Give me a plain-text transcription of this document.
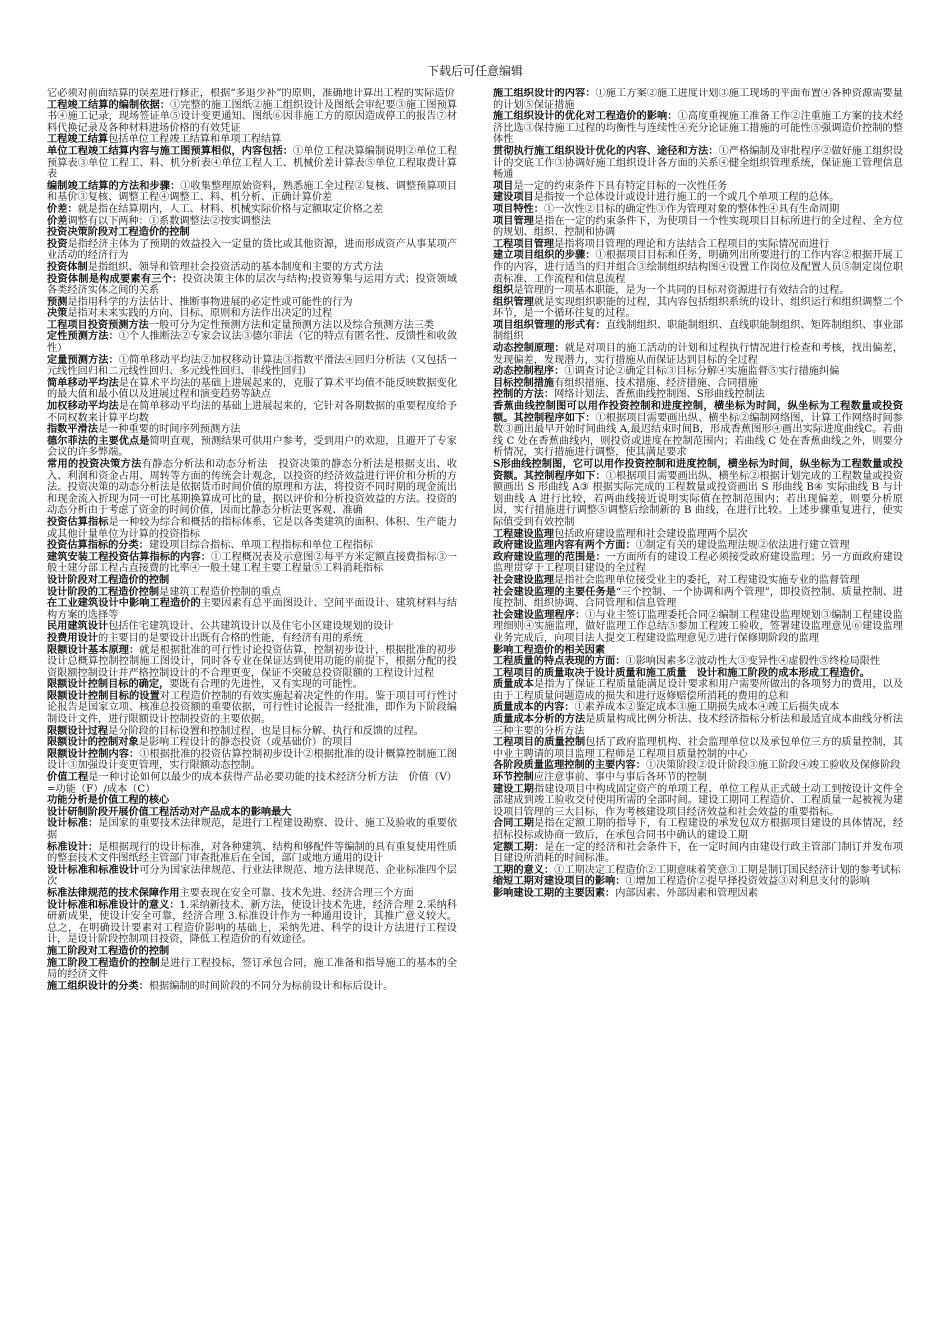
下载后可任意编辑

它必须对前面结算的误差进行修正，根据“多退少补”的原则，准确地计算出工程的实际造价

工程竣工结算的编制依据：①完整的施工图纸②施工组织设计及图纸会审纪要③施工图预算书④施工记录，现场签证单⑤设计变更通知、图纸⑥因非施工方的原因造成停工的报告⑦材料代换记录及各种材料进场价格的有效凭证

工程竣工结算包括单位工程竣工结算和单项工程结算

单位工程竣工结算内容与施工图预算相似，内容包括：①单位工程决算编制说明②单位工程预算表③单位工程工、料、机分析表④单位工程人工、机械价差计算表⑤单位工程取费计算表

编制竣工结算的方法和步骤：①收集整理原始资料，熟悉施工全过程②复核、调整预算项目和基价③复核、调整工程④调整工、料、机分析、正确计算价差

价差：就是指在结算期内，人工、材料、机械实际价格与定额取定价格之差

价差调整有以下两种：①系数调整法②按实调整法

投资决策阶段对工程造价的控制

投资是指经济主体为了预期的效益投入一定量的货比或其他资源，进而形成资产从事某项产业活动的经济行为

投资体制是指组织、领导和管理社会投资活动的基本制度和主要的方式方法

投资体制是构成要素有三个：投资决策主体的层次与结构;投资筹集与运用方式；投资领域各类经济实体之间的关系

预测是指用科学的方法估计、推断事物进展的必定性或可能性的行为

决策是指对未来实践的方向、目标、原则和方法作出决定的过程

工程项目投资预测方法一般可分为定性预测方法和定量预测方法以及综合预测方法三类

定性预测方法：①个人推断法②专家会议法③德尔菲法（它的特点有匿名性、反馈性和收敛性）

定量预测方法：①简单移动平均法②加权移动计算法③指数平滑法④回归分析法（又包括一元线性回归和二元线性回归、多元线性回归、非线性回归）

简单移动平均法是在算术平均法的基础上进展起来的，克服了算术平均值不能反映数据变化的最大值和最小值以及进展过程和演变趋势等缺点

加权移动平均法是在简单移动平均法的基础上进展起来的，它针对各期数据的重要程度给予不同权数来计算平均数

指数平滑法是一种重要的时间序列预测方法

德尔菲法的主要优点是简明直观，预测结果可供用户参考，受到用户的欢迎，且避开了专家会议的许多弊端。

常用的投资决策方法有静态分析法和动态分析法　投资决策的静态分析法是根据支出、收入、利润和资金占用、周转等方面的传统会计观念，以投资的经济效益进行评价和分析的方法。投资决策的动态分析法是依据货币时间价值的原理和方法，将投资不同时期的现金流出和现金流入折现为同一可比基期换算成可比的量，据以评价和分析投资效益的方法。投资的动态分析由于考虑了资金的时间价值，因而比静态分析法更客观、准确

投资估算指标是一种较为综合和概括的指标体系，它是以各类建筑的面积、体积、生产能力或其他计量单位为计算的投资指标

投资估算指标的分类：建设项目综合指标、单项工程指标和单位工程指标

建筑安装工程投资估算指标的内容：①工程概况表及示意图②每平方米定额直接费指标③一般土建分部工程占直接费的比率④一般土建工程主要工程量⑤工料消耗指标

设计阶段对工程造价的控制

设计阶段的工程造价控制是建筑工程造价控制的重点

在工业建筑设计中影响工程造价的主要因素有总平面图设计、空间平面设计、建筑材料与结构方案的选择等

民用建筑设计包括住宅建筑设计、公共建筑设计以及住宅小区建设规划的设计

投费用设计的主要目的是要设计出既有合格的性能，有经济有用的系统

限额设计基本原理：就是根据批准的可行性讨论投资估算，控制初步设计，根据批准的初步设计总概算控制控制施工图设计，同时各专业在保证达到使用功能的前提下，根据分配的投资限额控制设计并严格控制设计的不合理更变，保证不突破总投资限额的工程设计过程

限额设计控制目标的确定，要既有合理的先进性，又有实现的可能性。

限额设计控制目标的设置对工程造价控制的有效实施起着决定性的作用。鉴于项目可行性讨论报告是国家立项、核准总投资额的重要依据，可行性讨论报告一经批准，即作为下阶段编制设计文件，进行限额设计控制投资的主要依据。

限额设计过程是分阶段的目标设置和控制过程，也是目标分解、执行和反馈的过程。

限额设计的控制对象是影响工程设计的静态投资（或基础价）的项目

限额设计控制内容：①根据批准的投资估算控制初步设计②根据批准的设计概算控制施工图设计③加强设计变更管理，实行限额动态控制。

价值工程是一种讨论如何以最少的成本获得产品必要功能的技术经济分析方法　价值（V）=功能（F）/成本（C）

功能分析是价值工程的核心

设计研制阶段开展价值工程活动对产品成本的影响最大

设计标准：是国家的重要技术法律规范，是进行工程建设勘察、设计、施工及验收的重要依据

标准设计：是根据现行的设计标准，对各种建筑、结构和够配件等编制的具有重复使用性质的整套技术文件图纸经主管部门审查批准后在全国，部门或地方通用的设计

设计标准和标准设计可分为国家法律规范、行业法律规范、地方法律规范、企业标准四个层次

标准法律规范的技术保障作用主要表现在安全可靠、技术先进、经济合理三个方面

设计标准和标准设计的意义：1.采纳新技术、新方法，使设计技术先进，经济合理 2.采纳科研新成果，使设计安全可靠，经济合理 3.标准设计作为一种通用设计，其推广意义较大。总之，在明确设计要素对工程造价影响的基础上，采纳先进、科学的设计方法进行工程设计，是设计阶段控制项目投资，降低工程造价的有效途径。

施工阶段对工程造价的控制

施工阶段工程造价的控制是进行工程投标，签订承包合同，施工准备和指导施工的基本的全局的经济文件

施工组织设计的分类：根据编制的时间阶段的不同分为标前设计和标后设计。

施工组织设计的内容：①施工方案②施工进度计划③施工现场的平面布置④各种资源需要量的计划⑤保证措施

施工组织设计的优化对工程造价的影响：①高度重视施工准备工作②注重施工方案的技术经济比选③保持施工过程的均衡性与连续性④充分论证施工措施的可能性⑤强调造价控制的整体性

贯彻执行施工组织设计优化的内容、途径和方法：①严格编制及审批程序②做好施工组织设计的交底工作③协调好施工组织设计各方面的关系④健全组织管理系统，保证施工管理信息畅通

项目是一定的约束条件下具有特定目标的一次性任务

建设项目是指按一个总体设计或设计进行施工的一个或几个单项工程的总体。

项目特性：①一次性②目标的确定性③作为管理对象的整体性④具有生命周期

项目管理是指在一定的约束条件下，为使项目一个性实现项目目标所进行的全过程、全方位的规划、组织、控制和协调

工程项目管理是指将项目管理的理论和方法结合工程项目的实际情况而进行

建立项目组织的步骤：①根据项目目标和任务，明确列出所要进行的工作内容②根据开展工作的内容，进行适当的归并组合③绘制组织结构图④设置工作岗位及配置人员⑤制定岗位职责标准、工作流程和信息流程

组织是管理的一项基本职能，是为一个共同的目标对资源进行有效结合的过程。

组织管理就是实现组织职能的过程，其内容包括组织系统的设计、组织运行和组织调整二个环节，是一个循环往复的过程。

项目组织管理的形式有：直线制组织、职能制组织、直线职能制组织、矩阵制组织、事业部制组织

动态控制原理：就是对项目的施工活动的计划和过程执行情况进行检查和考核，找出偏差，发现偏差，发现潜力，实行措施从而保证达到目标的全过程

动态控制程序：①调查讨论②确定目标③目标分解④实施监督⑤实行措施纠偏

目标控制措施有组织措施、技术措施、经济措施、合同措施

控制的方法：网络计划法、香蕉曲线控制图、S形曲线控制法

香蕉曲线控制图可以用作投资控制和进度控制，横坐标为时间，纵坐标为工程数量或投资额。其控制程序如下：①根据项目需要画出纵、横坐标②编制网络图，计算工作网络时间参数③画出最早开始时间曲线 A,最迟结束时间B，形成香蕉图形④画出实际进度曲线C。若曲线 C 处在香蕉曲线内，则投资或进度在控制范围内；若曲线 C 处在香蕉曲线之外，则要分析情况，实行措施进行调整，使其满足要求

S形曲线控制图，它可以用作投资控制和进度控制，横坐标为时间，纵坐标为工程数量或投资额。其控制程序如下：①根据项目需要画出纵、横坐标②根据计划完成的工程数量或投资额画出 S 形曲线 A③ 根据实际完成的工程数量或投资画出 S 形曲线 B④ 实际曲线 B 与计划曲线 A 进行比较，若两曲线接近说明实际值在控制范围内；若出现偏差，则要分析原因，实行措施进行调整⑤调整后绘制新的 B 曲线，在进行比较。上述步骤重复进行，使实际值受到有效控制

工程建设监理包括政府建设监理和社会建设监理两个层次

政府建设监理内容有两个方面：①制定有关的建设监理法规②依法进行建立管理

政府建设监理的范围是：一方面所有的建设工程必须接受政府建设监理；另一方面政府建设监理贯穿于工程项目建设的全过程

社会建设监理是指社会监理单位接受业主的委托，对工程建设实施专业的监督管理

社会建设监理的主要任务是“三个控制、一个协调和两个管理”，即投资控制、质量控制、进度控制、组织协调、合同管理和信息管理

社会建设监理程序：①与业主签订监理委托合同②编制工程建设监理规划③编制工程建设监理细则④实施监理，做好监理工作总结⑤参加工程竣工验收，签署建设监理意见⑥建设监理业务完成后，向项目法人提交工程建设监理意见⑦进行保修期阶段的监理

影响工程造价的相关因素

工程质量的特点表现的方面：①影响因素多②波动性大③变异性④虚假性⑤终检局限性

工程项目的质量取决于设计质量和施工质量　设计和施工阶段的成本形成工程造价。

质量成本是指为了保证工程质量能满足设计要求和用户需要所做出的各项努力的费用，以及由于工程质量问题造成的损失和进行返修赔偿所消耗的费用的总和

质量成本的内容：①素养成本②鉴定成本③施工期损失成本④竣工后损失成本

质量成本分析的方法是质量构成比例分析法、技术经济指标分析法和最适宜成本曲线分析法三种主要的分析方法

工程项目的质量控制包括了政府监理机构、社会监理单位以及承包单位三方的质量控制，其中业主聘请的项目监理工程师是工程项目质量控制的中心

各阶段质量监理控制的主要内容：①决策阶段②设计阶段③施工阶段④竣工验收及保修阶段

环节控制应注意事前、事中与事后各环节的控制

建设工期指建设项目中构成固定资产的单项工程、单位工程从正式破土动工到按设计文件全部建成到竣工验收交付使用所需的全部时间。建设工期同工程造价、工程质量一起被视为建设项目管理的三大目标，作为考核建设项目经济效益和社会效益的重要指标。

合同工期是指在定额工期的指导下，有工程建设的承发包双方根据项目建设的具体情况，经招标投标或协商一致后，在承包合同书中确认的建设工期

定额工期：是在一定的经济和社会条件下，在一定时间内由建设行政主管部门制订并发布项目建设所消耗的时间标准。

工期的意义：①工期决定工程造价②工期意味着笑意③工期是制订国民经济计划的参考试标

缩短工期对建设项目的影响：①增加工程造价②提早择投资效益③对利息支付的影响

影响建设工期的主要因素：内部因素、外部因素和管理因素
